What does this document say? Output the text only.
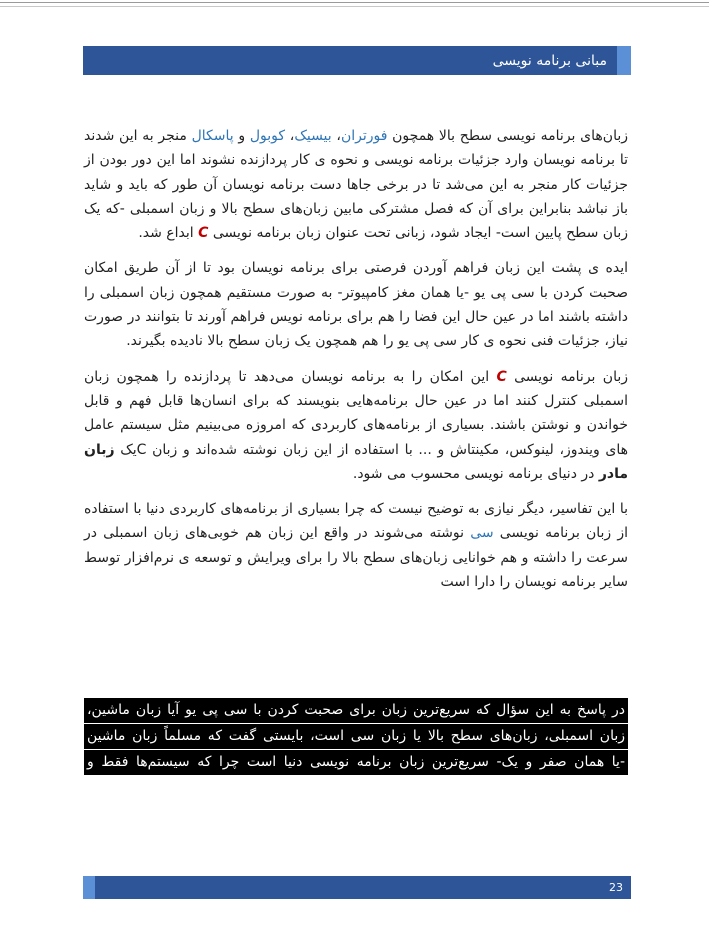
مبانی برنامه نویسی

زبان‌های برنامه نویسی سطح بالا همچون فورتران، بیسیک، کوبول و پاسکال منجر به این شدند تا برنامه نویسان وارد جزئیات برنامه نویسی و نحوه ی کار پردازنده نشوند اما این دور بودن از جزئیات کار منجر به این می‌شد تا در برخی جاها دست برنامه نویسان آن طور که باید و شاید باز نباشد بنابراین برای آن که فصل مشترکی مابین زبان‌های سطح بالا و زبان اسمبلی -که یک زبان سطح پایین است- ایجاد شود، زبانی تحت عنوان زبان برنامه نویسی C ابداع شد.

ایده ی پشت این زبان فراهم آوردن فرصتی برای برنامه نویسان بود تا از آن طریق امکان صحبت کردن با سی پی یو -یا همان مغز کامپیوتر- به صورت مستقیم همچون زبان اسمبلی را داشته باشند اما در عین حال این فضا را هم برای برنامه نویس فراهم آورند تا بتوانند در صورت نیاز، جزئیات فنی نحوه ی کار سی پی یو را هم همچون یک زبان سطح بالا نادیده بگیرند.

زبان برنامه نویسی C این امکان را به برنامه نویسان می‌دهد تا پردازنده را همچون زبان اسمبلی کنترل کنند اما در عین حال برنامه‌هایی بنویسند که برای انسان‌ها قابل فهم و قابل خواندن و نوشتن باشند. بسیاری از برنامه‌های کاربردی که امروزه می‌بینیم مثل سیستم عامل های ویندوز، لینوکس، مکینتاش و ... با استفاده از این زبان نوشته شده‌اند و زبان Cیک زبان مادر در دنیای برنامه نویسی محسوب می شود.

با این تفاسیر، دیگر نیازی به توضیح نیست که چرا بسیاری از برنامه‌های کاربردی دنیا با استفاده از زبان برنامه نویسی سی نوشته می‌شوند در واقع این زبان هم خوبی‌های زبان اسمبلی در سرعت را داشته و هم خوانایی زبان‌های سطح بالا را برای ویرایش و توسعه ی نرم‌افزار توسط سایر برنامه نویسان را دارا است

در پاسخ به این سؤال که سریع‌ترین زبان برای صحبت کردن با سی پی یو آیا زبان ماشین،
زبان اسمبلی، زبان‌های سطح بالا یا زبان سی است، بایستی گفت که مسلماً زبان ماشین
-یا همان صفر و یک- سریع‌ترین زبان برنامه نویسی دنیا است چرا که سیستم‌ها فقط و
23
